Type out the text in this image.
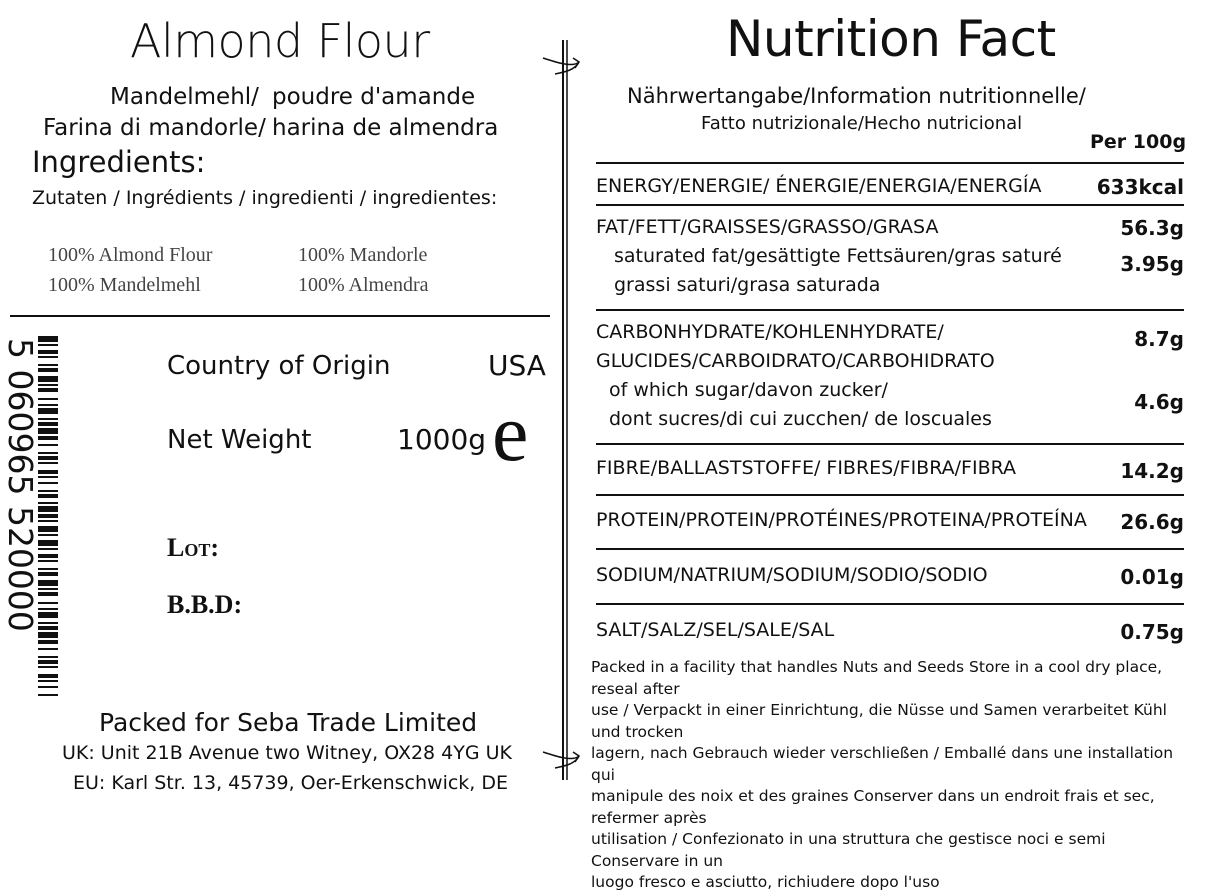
Almond Flour
Mandelmehl/ poudre d'amande
Farina di mandorle/ harina de almendra
Ingredients:
Zutaten / Ingrédients / ingredienti / ingredientes:
100% Almond Flour	100% Mandorle
100% Mandelmehl	100% Almendra
5 060965 520000	Country of Origin	USA
Net Weight	1000g e
Lot:
B.B.D:
Packed for Seba Trade Limited
UK: Unit 21B Avenue two Witney, OX28 4YG UK
EU: Karl Str. 13, 45739, Oer-Erkenschwick, DE
Nutrition Fact
Nährwertangabe/Information nutritionnelle/
Fatto nutrizionale/Hecho nutricional
Per 100g
ENERGY/ENERGIE/ ÉNERGIE/ENERGIA/ENERGÍA	633kcal
FAT/FETT/GRAISSES/GRASSO/GRASA	56.3g
saturated fat/gesättigte Fettsäuren/gras saturé
grassi saturi/grasa saturada
3.95g
CARBONHYDRATE/KOHLENHYDRATE/
GLUCIDES/CARBOIDRATO/CARBOHIDRATO
8.7g
of which sugar/davon zucker/
dont sucres/di cui zucchen/ de loscuales
4.6g
FIBRE/BALLASTSTOFFE/ FIBRES/FIBRA/FIBRA	14.2g
PROTEIN/PROTEIN/PROTÉINES/PROTEINA/PROTEÍNA 26.6g
SODIUM/NATRIUM/SODIUM/SODIO/SODIO	0.01g
SALT/SALZ/SEL/SALE/SAL	0.75g
Packed in a facility that handles Nuts and Seeds Store in a cool dry place, reseal after
use / Verpackt in einer Einrichtung, die Nüsse und Samen verarbeitet Kühl und trocken
lagern, nach Gebrauch wieder verschließen / Emballé dans une installation qui
manipule des noix et des graines Conserver dans un endroit frais et sec, refermer après
utilisation / Confezionato in una struttura che gestisce noci e semi Conservare in un
luogo fresco e asciutto, richiudere dopo l'uso
